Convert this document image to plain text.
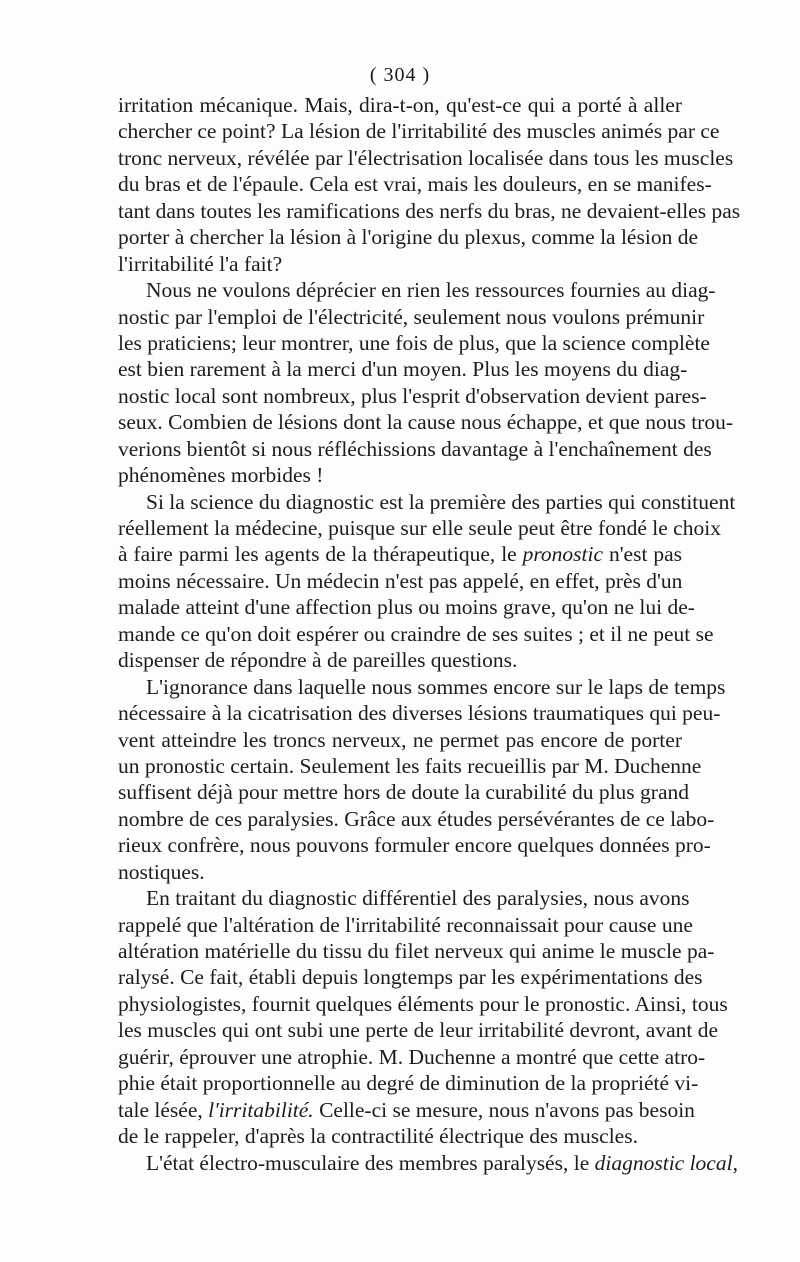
( 304 )
irritation mécanique. Mais, dira-t-on, qu'est-ce qui a porté à aller
chercher ce point? La lésion de l'irritabilité des muscles animés par ce
tronc nerveux, révélée par l'électrisation localisée dans tous les muscles
du bras et de l'épaule. Cela est vrai, mais les douleurs, en se manifes-
tant dans toutes les ramifications des nerfs du bras, ne devaient-elles pas
porter à chercher la lésion à l'origine du plexus, comme la lésion de
l'irritabilité l'a fait?
Nous ne voulons déprécier en rien les ressources fournies au diag-
nostic par l'emploi de l'électricité, seulement nous voulons prémunir
les praticiens; leur montrer, une fois de plus, que la science complète
est bien rarement à la merci d'un moyen. Plus les moyens du diag-
nostic local sont nombreux, plus l'esprit d'observation devient pares-
seux. Combien de lésions dont la cause nous échappe, et que nous trou-
verions bientôt si nous réfléchissions davantage à l'enchaînement des
phénomènes morbides !
Si la science du diagnostic est la première des parties qui constituent
réellement la médecine, puisque sur elle seule peut être fondé le choix
à faire parmi les agents de la thérapeutique, le pronostic n'est pas
moins nécessaire. Un médecin n'est pas appelé, en effet, près d'un
malade atteint d'une affection plus ou moins grave, qu'on ne lui de-
mande ce qu'on doit espérer ou craindre de ses suites ; et il ne peut se
dispenser de répondre à de pareilles questions.
L'ignorance dans laquelle nous sommes encore sur le laps de temps
nécessaire à la cicatrisation des diverses lésions traumatiques qui peu-
vent atteindre les troncs nerveux, ne permet pas encore de porter
un pronostic certain. Seulement les faits recueillis par M. Duchenne
suffisent déjà pour mettre hors de doute la curabilité du plus grand
nombre de ces paralysies. Grâce aux études persévérantes de ce labo-
rieux confrère, nous pouvons formuler encore quelques données pro-
nostiques.
En traitant du diagnostic différentiel des paralysies, nous avons
rappelé que l'altération de l'irritabilité reconnaissait pour cause une
altération matérielle du tissu du filet nerveux qui anime le muscle pa-
ralysé. Ce fait, établi depuis longtemps par les expérimentations des
physiologistes, fournit quelques éléments pour le pronostic. Ainsi, tous
les muscles qui ont subi une perte de leur irritabilité devront, avant de
guérir, éprouver une atrophie. M. Duchenne a montré que cette atro-
phie était proportionnelle au degré de diminution de la propriété vi-
tale lésée, l'irritabilité. Celle-ci se mesure, nous n'avons pas besoin
de le rappeler, d'après la contractilité électrique des muscles.
L'état électro-musculaire des membres paralysés, le diagnostic local,
